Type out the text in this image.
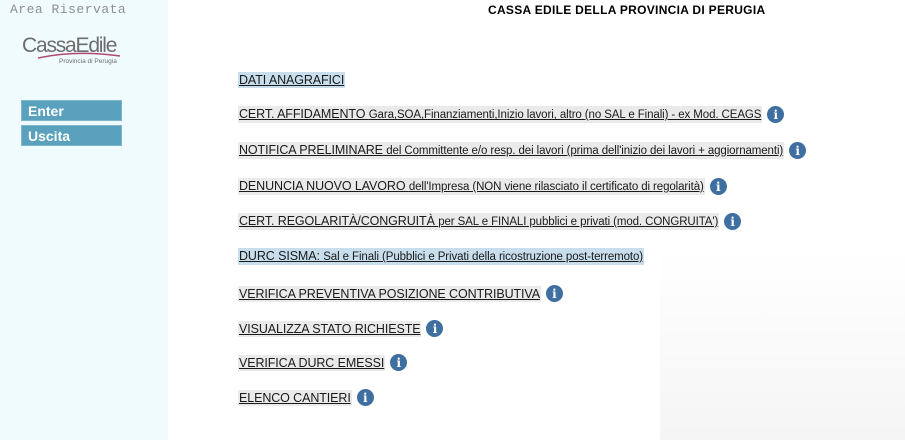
Area Riservata
CassaEdile
Provincia di Perugia
Enter
Uscita
CASSA EDILE DELLA PROVINCIA DI PERUGIA
DATI ANAGRAFICI
CERT. AFFIDAMENTO Gara,SOA,Finanziamenti,Inizio lavori, altro (no SAL e Finali) - ex Mod. CEAGS	i
NOTIFICA PRELIMINARE del Committente e/o resp. dei lavori (prima dell'inizio dei lavori + aggiornamenti)	i
DENUNCIA NUOVO LAVORO dell'Impresa (NON viene rilasciato il certificato di regolarità)	i
CERT. REGOLARITÀ/CONGRUITÀ per SAL e FINALI pubblici e privati (mod. CONGRUITA')	i
DURC SISMA: Sal e Finali (Pubblici e Privati della ricostruzione post-terremoto)
VERIFICA PREVENTIVA POSIZIONE CONTRIBUTIVA	i
VISUALIZZA STATO RICHIESTE	i
VERIFICA DURC EMESSI	i
ELENCO CANTIERI	i
